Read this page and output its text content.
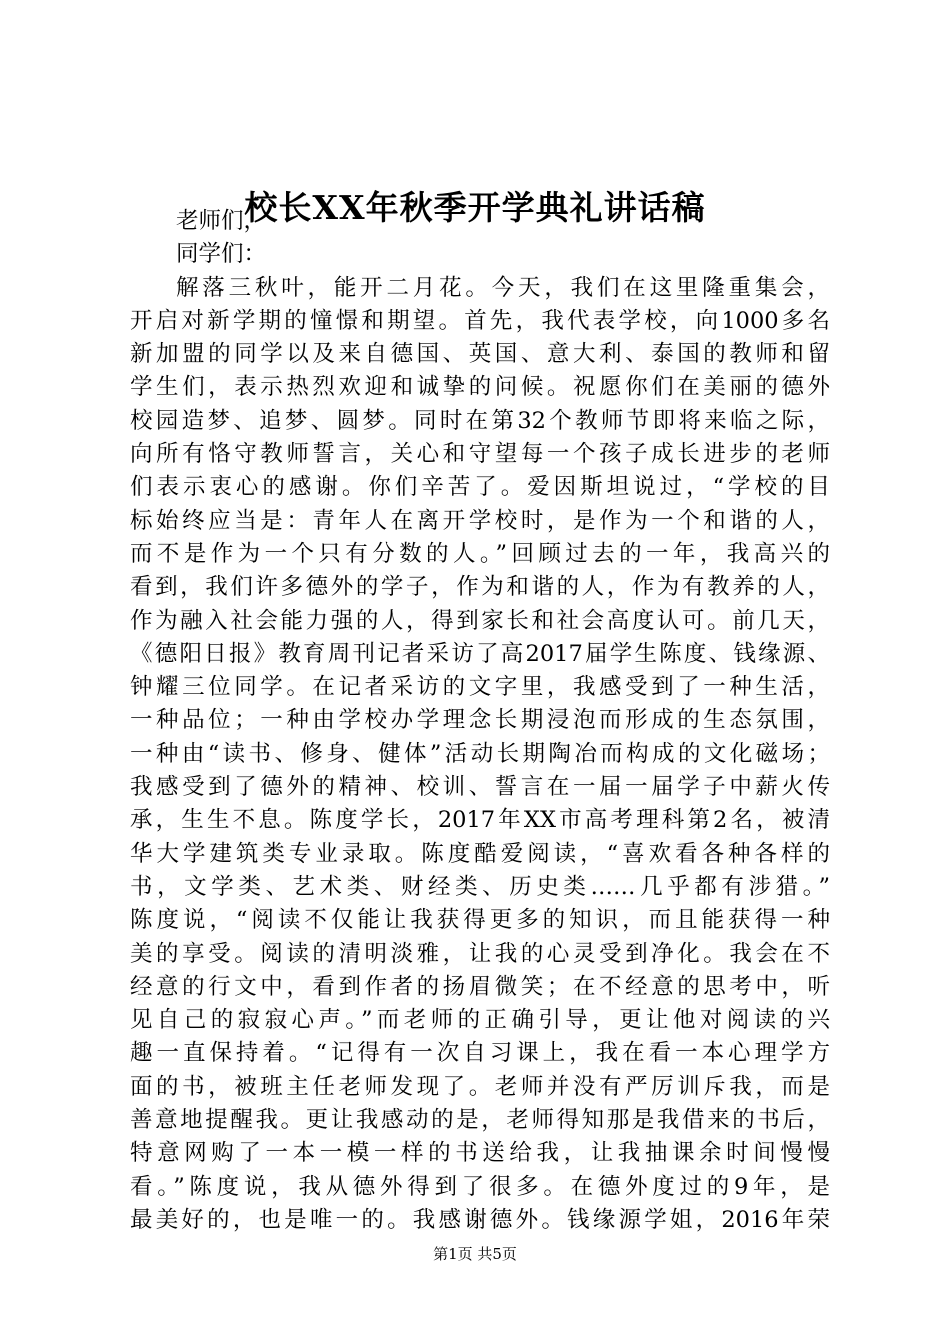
校长XX年秋季开学典礼讲话稿
老师们，
同学们：
解落三秋叶，能开二月花。今天，我们在这里隆重集会，
开启对新学期的憧憬和期望。首先，我代表学校，向1000多名
新加盟的同学以及来自德国、英国、意大利、泰国的教师和留
学生们，表示热烈欢迎和诚挚的问候。祝愿你们在美丽的德外
校园造梦、追梦、圆梦。同时在第32个教师节即将来临之际，
向所有恪守教师誓言，关心和守望每一个孩子成长进步的老师
们表示衷心的感谢。你们辛苦了。爱因斯坦说过，“学校的目
标始终应当是：青年人在离开学校时，是作为一个和谐的人，
而不是作为一个只有分数的人。”回顾过去的一年，我高兴的
看到，我们许多德外的学子，作为和谐的人，作为有教养的人，
作为融入社会能力强的人，得到家长和社会高度认可。前几天，
《德阳日报》教育周刊记者采访了高2017届学生陈度、钱缘源、
钟耀三位同学。在记者采访的文字里，我感受到了一种生活，
一种品位；一种由学校办学理念长期浸泡而形成的生态氛围，
一种由“读书、修身、健体”活动长期陶冶而构成的文化磁场；
我感受到了德外的精神、校训、誓言在一届一届学子中薪火传
承，生生不息。陈度学长，2017年XX市高考理科第2名，被清
华大学建筑类专业录取。陈度酷爱阅读，“喜欢看各种各样的
书，文学类、艺术类、财经类、历史类……几乎都有涉猎。”
陈度说，“阅读不仅能让我获得更多的知识，而且能获得一种
美的享受。阅读的清明淡雅，让我的心灵受到净化。我会在不
经意的行文中，看到作者的扬眉微笑；在不经意的思考中，听
见自己的寂寂心声。”而老师的正确引导，更让他对阅读的兴
趣一直保持着。“记得有一次自习课上，我在看一本心理学方
面的书，被班主任老师发现了。老师并没有严厉训斥我，而是
善意地提醒我。更让我感动的是，老师得知那是我借来的书后，
特意网购了一本一模一样的书送给我，让我抽课余时间慢慢
看。”陈度说，我从德外得到了很多。在德外度过的9年，是
最美好的，也是唯一的。我感谢德外。钱缘源学姐，2016年荣
第1页 共5页
